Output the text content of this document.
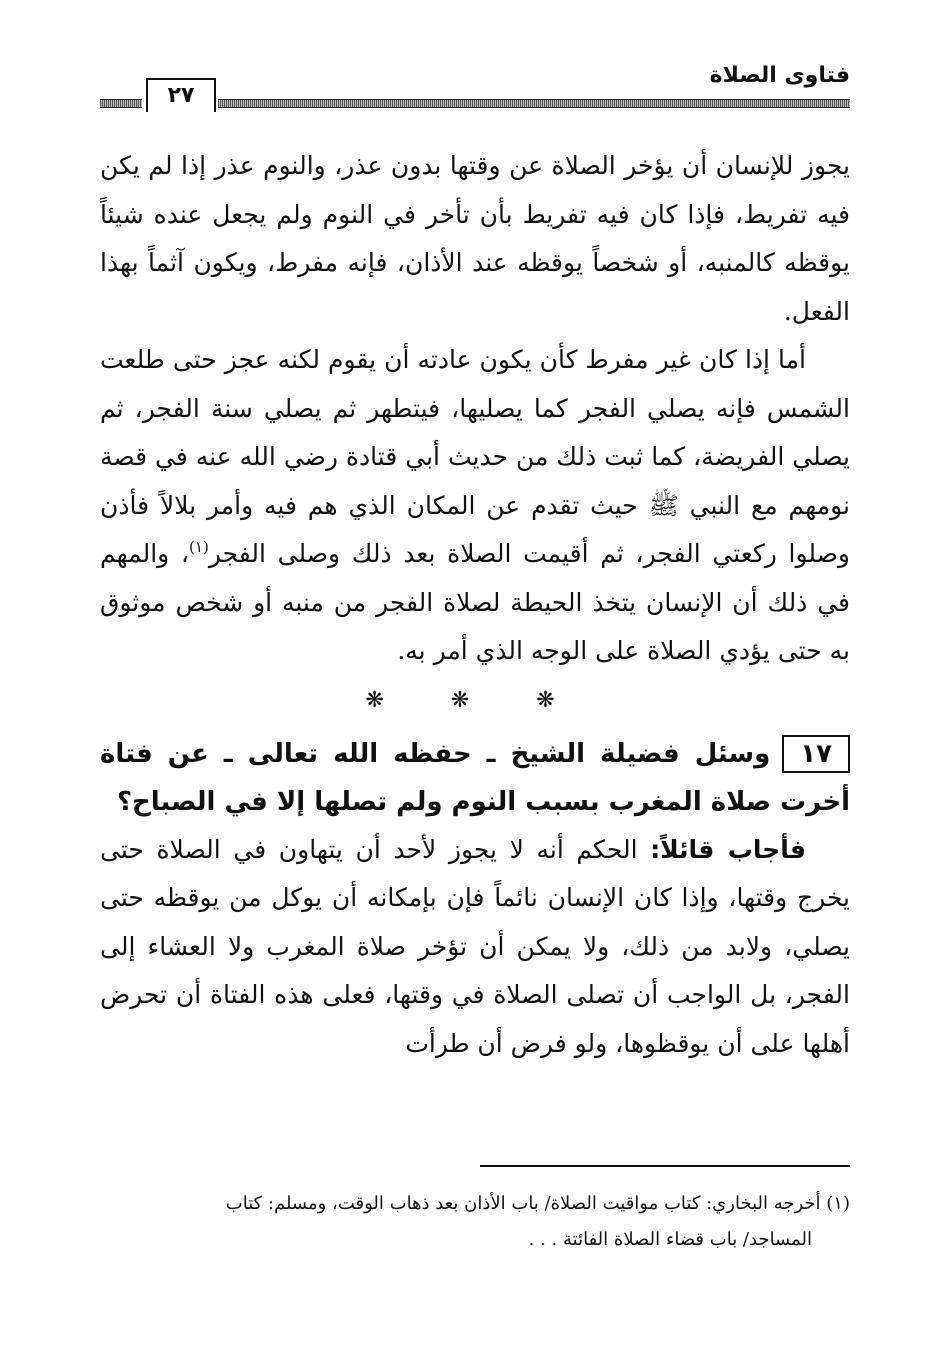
فتاوى الصلاة
٢٧

يجوز للإنسان أن يؤخر الصلاة عن وقتها بدون عذر، والنوم عذر إذا لم يكن فيه تفريط، فإذا كان فيه تفريط بأن تأخر في النوم ولم يجعل عنده شيئاً يوقظه كالمنبه، أو شخصاً يوقظه عند الأذان، فإنه مفرط، ويكون آثماً بهذا الفعل.

أما إذا كان غير مفرط كأن يكون عادته أن يقوم لكنه عجز حتى طلعت الشمس فإنه يصلي الفجر كما يصليها، فيتطهر ثم يصلي سنة الفجر، ثم يصلي الفريضة، كما ثبت ذلك من حديث أبي قتادة رضي الله عنه في قصة نومهم مع النبي ﷺ حيث تقدم عن المكان الذي هم فيه وأمر بلالاً فأذن وصلوا ركعتي الفجر، ثم أقيمت الصلاة بعد ذلك وصلى الفجر$^{(١)}$، والمهم في ذلك أن الإنسان يتخذ الحيطة لصلاة الفجر من منبه أو شخص موثوق به حتى يؤدي الصلاة على الوجه الذي أمر به.

❋ ❋ ❋

١٧وسئل فضيلة الشيخ ـ حفظه الله تعالى ـ عن فتاة أخرت صلاة المغرب بسبب النوم ولم تصلها إلا في الصباح؟

فأجاب قائلاً: الحكم أنه لا يجوز لأحد أن يتهاون في الصلاة حتى يخرج وقتها، وإذا كان الإنسان نائماً فإن بإمكانه أن يوكل من يوقظه حتى يصلي، ولابد من ذلك، ولا يمكن أن تؤخر صلاة المغرب ولا العشاء إلى الفجر، بل الواجب أن تصلى الصلاة في وقتها، فعلى هذه الفتاة أن تحرض أهلها على أن يوقظوها، ولو فرض أن طرأت

(١) أخرجه البخاري: كتاب مواقيت الصلاة/ باب الأذان بعد ذهاب الوقت، ومسلم: كتاب
المساجد/ باب قضاء الصلاة الفائتة . . .
